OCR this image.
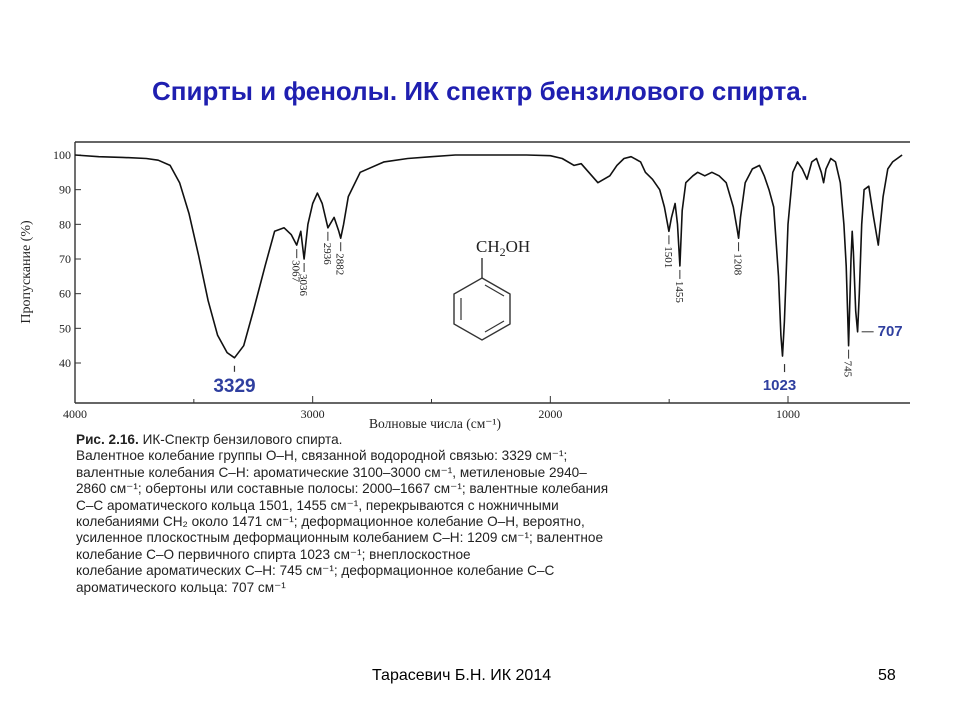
Спирты и фенолы. ИК спектр бензилового спирта.
100
90
80
70
60
50
40
4000	3000	2000	1000
Пропускание (%)
Волновые числа (см⁻¹)
3067
3036
2936 2882	1501
1455
1208
745
3329	1023
707
$CH_2OH$

Рис. 2.16. ИК-Спектр бензилового спирта.

Валентное колебание группы O–H, связанной водородной связью: 3329 см⁻¹;

валентные колебания C–H: ароматические 3100–3000 см⁻¹, метиленовые 2940–

2860 см⁻¹; обертоны или составные полосы: 2000–1667 см⁻¹; валентные колебания

C–C ароматического кольца 1501, 1455 см⁻¹, перекрываются с ножничными

колебаниями CH₂ около 1471 см⁻¹; деформационное колебание O–H, вероятно,

усиленное плоскостным деформационным колебанием C–H: 1209 см⁻¹; валентное

колебание C–O первичного спирта 1023 см⁻¹; внеплоскостное

колебание ароматических C–H: 745 см⁻¹; деформационное колебание C–C

ароматического кольца: 707 см⁻¹

Тарасевич Б.Н. ИК 2014	58
